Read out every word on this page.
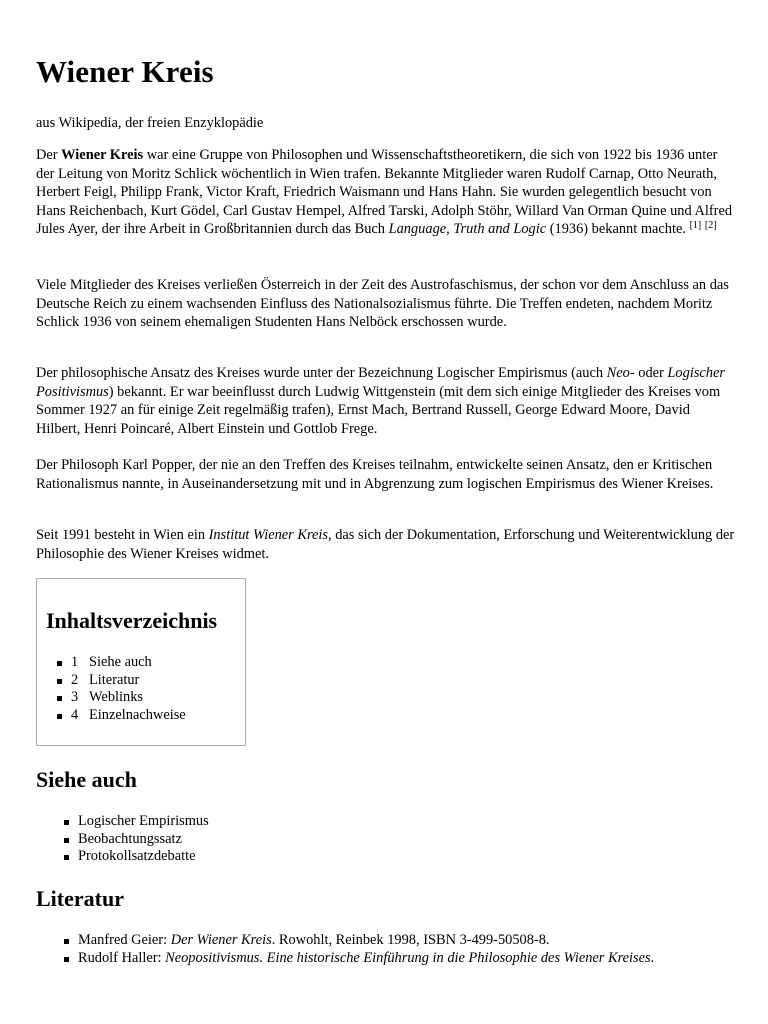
Wiener Kreis
aus Wikipedia, der freien Enzyklopädie

Der Wiener Kreis war eine Gruppe von Philosophen und Wissenschaftstheoretikern, die sich von 1922 bis 1936 unter der Leitung von Moritz Schlick wöchentlich in Wien trafen. Bekannte Mitglieder waren Rudolf Carnap, Otto Neurath, Herbert Feigl, Philipp Frank, Victor Kraft, Friedrich Waismann und Hans Hahn. Sie wurden gelegentlich besucht von Hans Reichenbach, Kurt Gödel, Carl Gustav Hempel, Alfred Tarski, Adolph Stöhr, Willard Van Orman Quine und Alfred Jules Ayer, der ihre Arbeit in Großbritannien durch das Buch Language, Truth and Logic (1936) bekannt machte. [1] [2]

Viele Mitglieder des Kreises verließen Österreich in der Zeit des Austrofaschismus, der schon vor dem Anschluss an das Deutsche Reich zu einem wachsenden Einfluss des Nationalsozialismus führte. Die Treffen endeten, nachdem Moritz Schlick 1936 von seinem ehemaligen Studenten Hans Nelböck erschossen wurde.

Der philosophische Ansatz des Kreises wurde unter der Bezeichnung Logischer Empirismus (auch Neo- oder Logischer Positivismus) bekannt. Er war beeinflusst durch Ludwig Wittgenstein (mit dem sich einige Mitglieder des Kreises vom Sommer 1927 an für einige Zeit regelmäßig trafen), Ernst Mach, Bertrand Russell, George Edward Moore, David Hilbert, Henri Poincaré, Albert Einstein und Gottlob Frege.

Der Philosoph Karl Popper, der nie an den Treffen des Kreises teilnahm, entwickelte seinen Ansatz, den er Kritischen Rationalismus nannte, in Auseinandersetzung mit und in Abgrenzung zum logischen Empirismus des Wiener Kreises.

Seit 1991 besteht in Wien ein Institut Wiener Kreis, das sich der Dokumentation, Erforschung und Weiterentwicklung der Philosophie des Wiener Kreises widmet.

Inhaltsverzeichnis
1 Siehe auch
2 Literatur
3 Weblinks
4 Einzelnachweise
Siehe auch
Logischer Empirismus
Beobachtungssatz
Protokollsatzdebatte
Literatur
Manfred Geier: Der Wiener Kreis. Rowohlt, Reinbek 1998, ISBN 3-499-50508-8.
Rudolf Haller: Neopositivismus. Eine historische Einführung in die Philosophie des Wiener Kreises.
